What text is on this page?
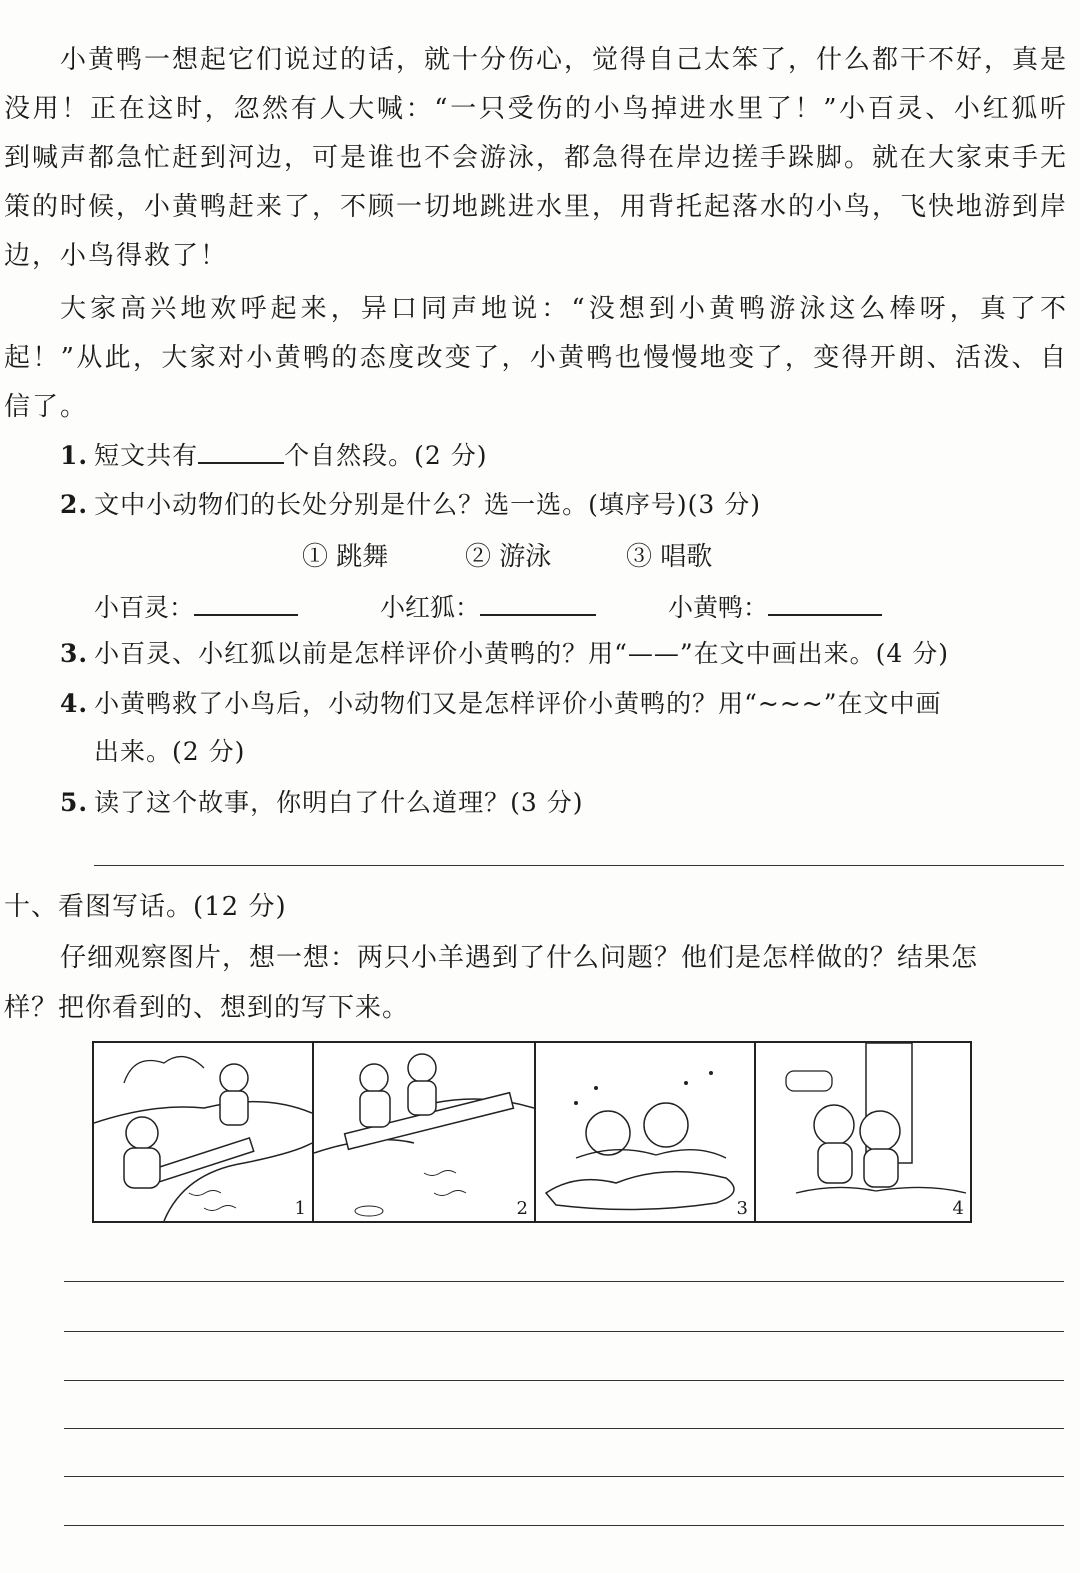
小黄鸭一想起它们说过的话，就十分伤心，觉得自己太笨了，什么都干不好，真是没用！正在这时，忽然有人大喊：“一只受伤的小鸟掉进水里了！”小百灵、小红狐听到喊声都急忙赶到河边，可是谁也不会游泳，都急得在岸边搓手跺脚。就在大家束手无策的时候，小黄鸭赶来了，不顾一切地跳进水里，用背托起落水的小鸟，飞快地游到岸边，小鸟得救了！

大家高兴地欢呼起来，异口同声地说：“没想到小黄鸭游泳这么棒呀，真了不起！”从此，大家对小黄鸭的态度改变了，小黄鸭也慢慢地变了，变得开朗、活泼、自信了。

1. 短文共有	个自然段。(2 分)
2. 文中小动物们的长处分别是什么？选一选。(填序号)(3 分)
① 跳舞	② 游泳	③ 唱歌
小百灵：	小红狐：	小黄鸭：
3. 小百灵、小红狐以前是怎样评价小黄鸭的？用“——”在文中画出来。(4 分)
4. 小黄鸭救了小鸟后，小动物们又是怎样评价小黄鸭的？用“~~~”在文中画
出来。(2 分)
5. 读了这个故事，你明白了什么道理？(3 分)
十、看图写话。(12 分)
仔细观察图片，想一想：两只小羊遇到了什么问题？他们是怎样做的？结果怎
样？把你看到的、想到的写下来。
1	2	3	4
